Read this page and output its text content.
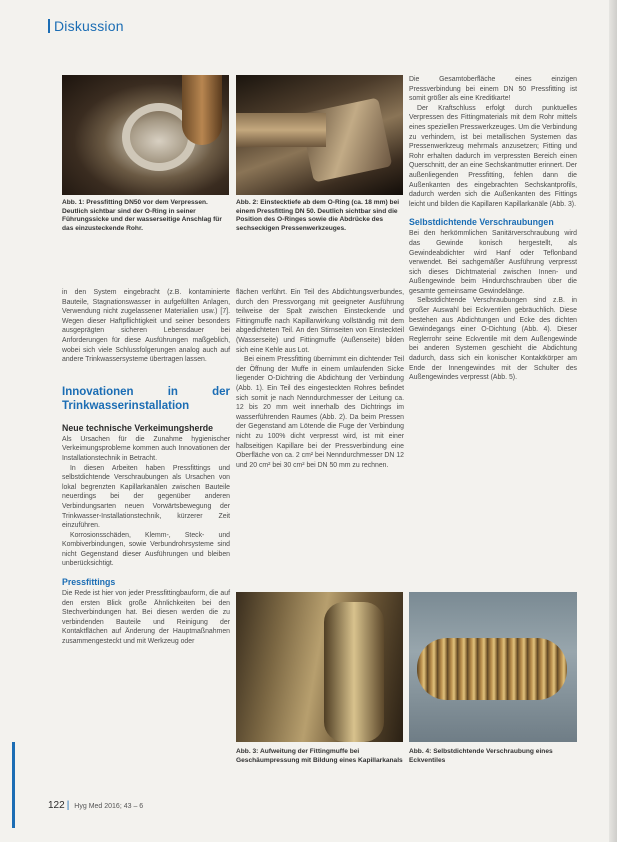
Diskussion
Abb. 1: Pressfitting DN50 vor dem Verpressen. Deutlich sichtbar sind der O-Ring in seiner Führungssicke und der wasserseitige Anschlag für das einzusteckende Rohr.
Abb. 2: Einstecktiefe ab dem O-Ring (ca. 18 mm) bei einem Pressfitting DN 50. Deutlich sichtbar sind die Position des O-Ringes sowie die Abdrücke des sechseckigen Pressenwerkzeuges.
Abb. 3: Aufweitung der Fittingmuffe bei Geschäumpressung mit Bildung eines Kapillarkanals
Abb. 4: Selbstdichtende Verschraubung eines Eckventiles

in den System eingebracht (z.B. kontaminierte Bauteile, Stagnationswasser in aufgefüllten Anlagen, Verwendung nicht zugelassener Materialien usw.) [7]. Wegen dieser Haftpflichtigkeit und seiner besonders ausgeprägten sicheren Lebensdauer bei Anforderungen für diese Ausführungen maßgeblich, wobei sich viele Schlussfolgerungen analog auch auf andere Trinkwassersysteme übertragen lassen.

Innovationen in der Trinkwasserinstallation
Neue technische Verkeimungsherde

Als Ursachen für die Zunahme hygienischer Verkeimungsprobleme kommen auch Innovationen der Installationstechnik in Betracht.

In diesen Arbeiten haben Pressfittings und selbstdichtende Verschraubungen als Ursachen von lokal begrenzten Kapillarkanälen zwischen Bauteile neuerdings bei der gegenüber anderen Verbindungsarten neuen Vorwärtsbewegung der Trinkwasser-Installationstechnik, kürzerer Zeit einzuführen.

Korrosionsschäden, Klemm-, Steck- und Kombiverbindungen, sowie Verbundrohrsysteme sind nicht Gegenstand dieser Ausführungen und bleiben unberücksichtigt.

Pressfittings

Die Rede ist hier von jeder Pressfittingbauform, die auf den ersten Blick große Ähnlichkeiten bei den Stechverbindungen hat. Bei diesen werden die zu verbindenden Bauteile und Reinigung der Kontaktflächen auf Änderung der Hauptmaßnahmen zusammengesteckt und mit Werkzeug oder

flächen verführt. Ein Teil des Abdichtungsverbundes, durch den Pressvorgang mit geeigneter Ausführung teilweise der Spalt zwischen Einsteckende und Fittingmuffe nach Kapillarwirkung vollständig mit dem abgedichteten Teil. An den Stirnseiten von Einsteckteil (Wasserseite) und Fittingmuffe (Außenseite) bilden sich eine Kehle aus Lot.

Bei einem Pressfitting übernimmt ein dichtender Teil der Öffnung der Muffe in einem umlaufenden Sicke liegender O-Dichtring die Abdichtung der Verbindung (Abb. 1). Ein Teil des eingesteckten Rohres befindet sich somit je nach Nenndurchmesser der Leitung ca. 12 bis 20 mm weit innerhalb des Dichtrings im wasserführenden Raumes (Abb. 2). Da beim Pressen der Gegenstand am Lötende die Fuge der Verbindung nicht zu 100% dicht verpresst wird, ist mit einer halbseitigen Kapillare bei der Pressverbindung eine Oberfläche von ca. 2 cm² bei Nenndurchmesser DN 12 und 20 cm² bei 30 cm² bei DN 50 mm zu rechnen.

Die Gesamtoberfläche eines einzigen Pressverbindung bei einem DN 50 Pressfitting ist somit größer als eine Kreditkarte!

Der Kraftschluss erfolgt durch punktuelles Verpressen des Fittingmaterials mit dem Rohr mittels eines speziellen Presswerkzeuges. Um die Verbindung zu verhindern, ist bei metallischen Systemen das Pressenwerkzeug mehrmals anzusetzen; Fitting und Rohr erhalten dadurch im verpressten Bereich einen Querschnitt, der an eine Sechskantmutter erinnert. Der außenliegenden Pressfitting, fehlen dann die Außenkanten des eingebrachten Sechskantprofils, dadurch werden sich die Außenkanten des Fittings leicht und bilden die Kapillaren Kapillarkanäle (Abb. 3).

Selbstdichtende Verschraubungen

Bei den herkömmlichen Sanitärverschraubung wird das Gewinde konisch hergestellt, als Gewindeabdichter wird Hanf oder Teflonband verwendet. Bei sachgemäßer Ausführung verpresst sich dieses Dichtmaterial zwischen Innen- und Außengewinde beim Hindurchschrauben über die gesamte gemeinsame Gewindelänge.

Selbstdichtende Verschraubungen sind z.B. in großer Auswahl bei Eckventilen gebräuchlich. Diese bestehen aus Abdichtungen und Ecke des dichten Gewindegangs einer O-Dichtung (Abb. 4). Dieser Reglerrohr seine Eckventile mit dem Außengewinde bei anderen Systemen geschieht die Abdichtung dadurch, dass sich ein konischer Kontaktkörper am Ende der Innengewindes mit der Schulter des Außengewindes verpresst (Abb. 5).

122 | Hyg Med 2016; 43 – 6
